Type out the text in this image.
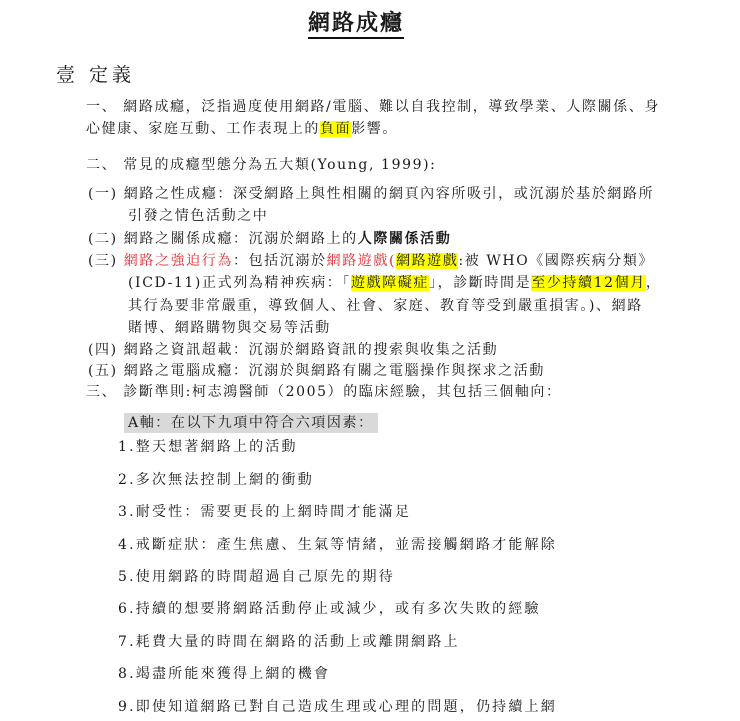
網路成癮
壹 定義
一、 網路成癮，泛指過度使用網路/電腦、難以自我控制，導致學業、人際關係、身
心健康、家庭互動、工作表現上的負面影響。
二、 常見的成癮型態分為五大類(Young, 1999):
(一) 網路之性成癮：深受網路上與性相關的網頁內容所吸引，或沉溺於基於網路所
引發之情色活動之中
(二) 網路之關係成癮：沉溺於網路上的人際關係活動
(三) 網路之強迫行為：包括沉溺於網路遊戲(網路遊戲:被 WHO《國際疾病分類》
(ICD-11)正式列為精神疾病：「遊戲障礙症」，診斷時間是至少持續12個月，
其行為要非常嚴重，導致個人、社會、家庭、教育等受到嚴重損害。)、網路
賭博、網路購物與交易等活動
(四) 網路之資訊超載：沉溺於網路資訊的搜索與收集之活動
(五) 網路之電腦成癮：沉溺於與網路有關之電腦操作與探求之活動
三、 診斷準則:柯志鴻醫師（2005）的臨床經驗，其包括三個軸向：
A軸：在以下九項中符合六項因素：
1.整天想著網路上的活動
2.多次無法控制上網的衝動
3.耐受性：需要更長的上網時間才能滿足
4.戒斷症狀：產生焦慮、生氣等情緒，並需接觸網路才能解除
5.使用網路的時間超過自己原先的期待
6.持續的想要將網路活動停止或減少，或有多次失敗的經驗
7.耗費大量的時間在網路的活動上或離開網路上
8.竭盡所能來獲得上網的機會
9.即使知道網路已對自己造成生理或心理的問題，仍持續上網
